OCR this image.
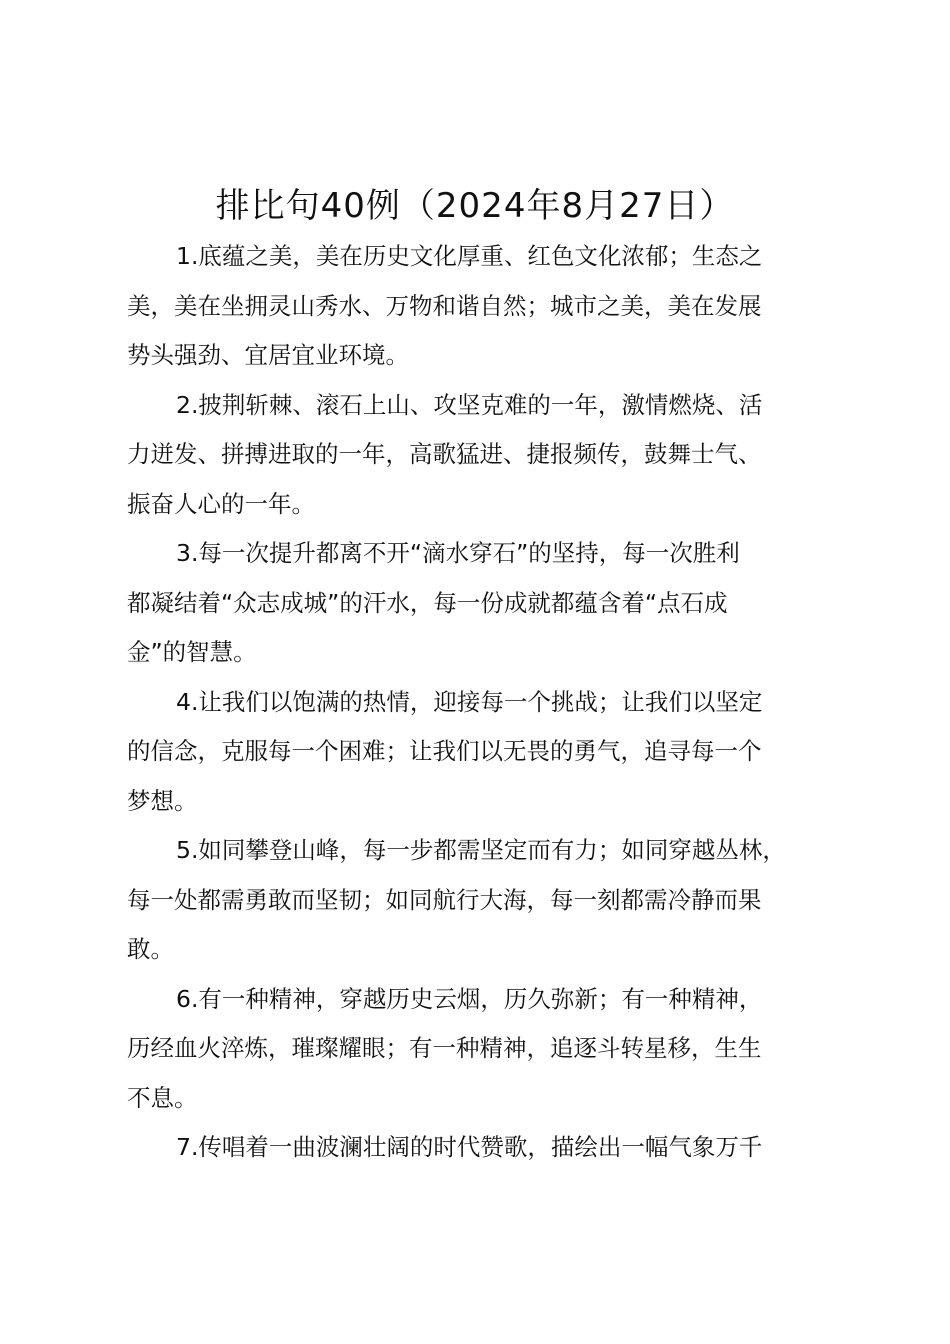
排比句40例（2024年8月27日）

1.底蕴之美，美在历史文化厚重、红色文化浓郁；生态之
美，美在坐拥灵山秀水、万物和谐自然；城市之美，美在发展
势头强劲、宜居宜业环境。

2.披荆斩棘、滚石上山、攻坚克难的一年，激情燃烧、活
力迸发、拼搏进取的一年，高歌猛进、捷报频传，鼓舞士气、
振奋人心的一年。

3.每一次提升都离不开“滴水穿石”的坚持，每一次胜利
都凝结着“众志成城”的汗水，每一份成就都蕴含着“点石成
金”的智慧。

4.让我们以饱满的热情，迎接每一个挑战；让我们以坚定
的信念，克服每一个困难；让我们以无畏的勇气，追寻每一个
梦想。

5.如同攀登山峰，每一步都需坚定而有力；如同穿越丛林，
每一处都需勇敢而坚韧；如同航行大海，每一刻都需冷静而果
敢。

6.有一种精神，穿越历史云烟，历久弥新；有一种精神，
历经血火淬炼，璀璨耀眼；有一种精神，追逐斗转星移，生生
不息。

7.传唱着一曲波澜壮阔的时代赞歌，描绘出一幅气象万千
